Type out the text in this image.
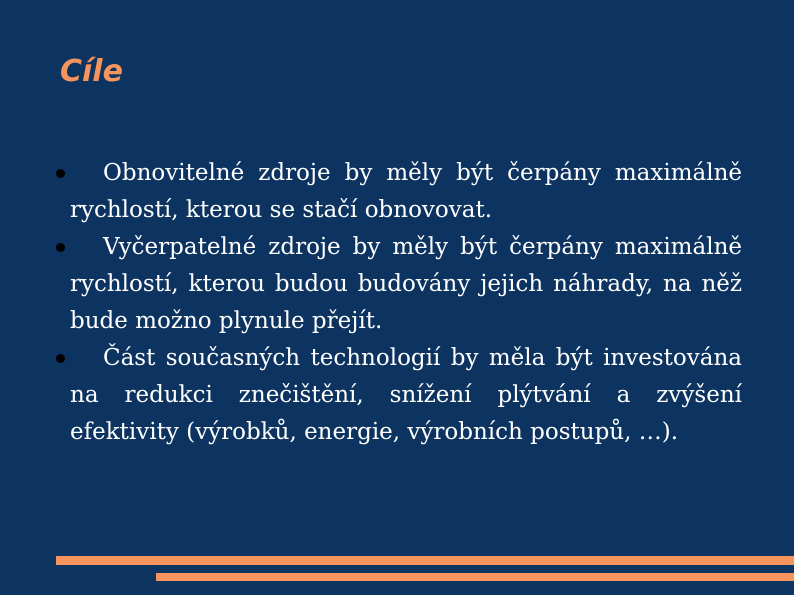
Cíle
Obnovitelné zdroje by měly být čerpány maximálně rychlostí, kterou se stačí obnovovat.
Vyčerpatelné zdroje by měly být čerpány maximálně rychlostí, kterou budou budovány jejich náhrady, na něž bude možno plynule přejít.
Část současných technologií by měla být investována na redukci znečištění, snížení plýtvání a zvýšení efektivity (výrobků, energie, výrobních postupů, …).
